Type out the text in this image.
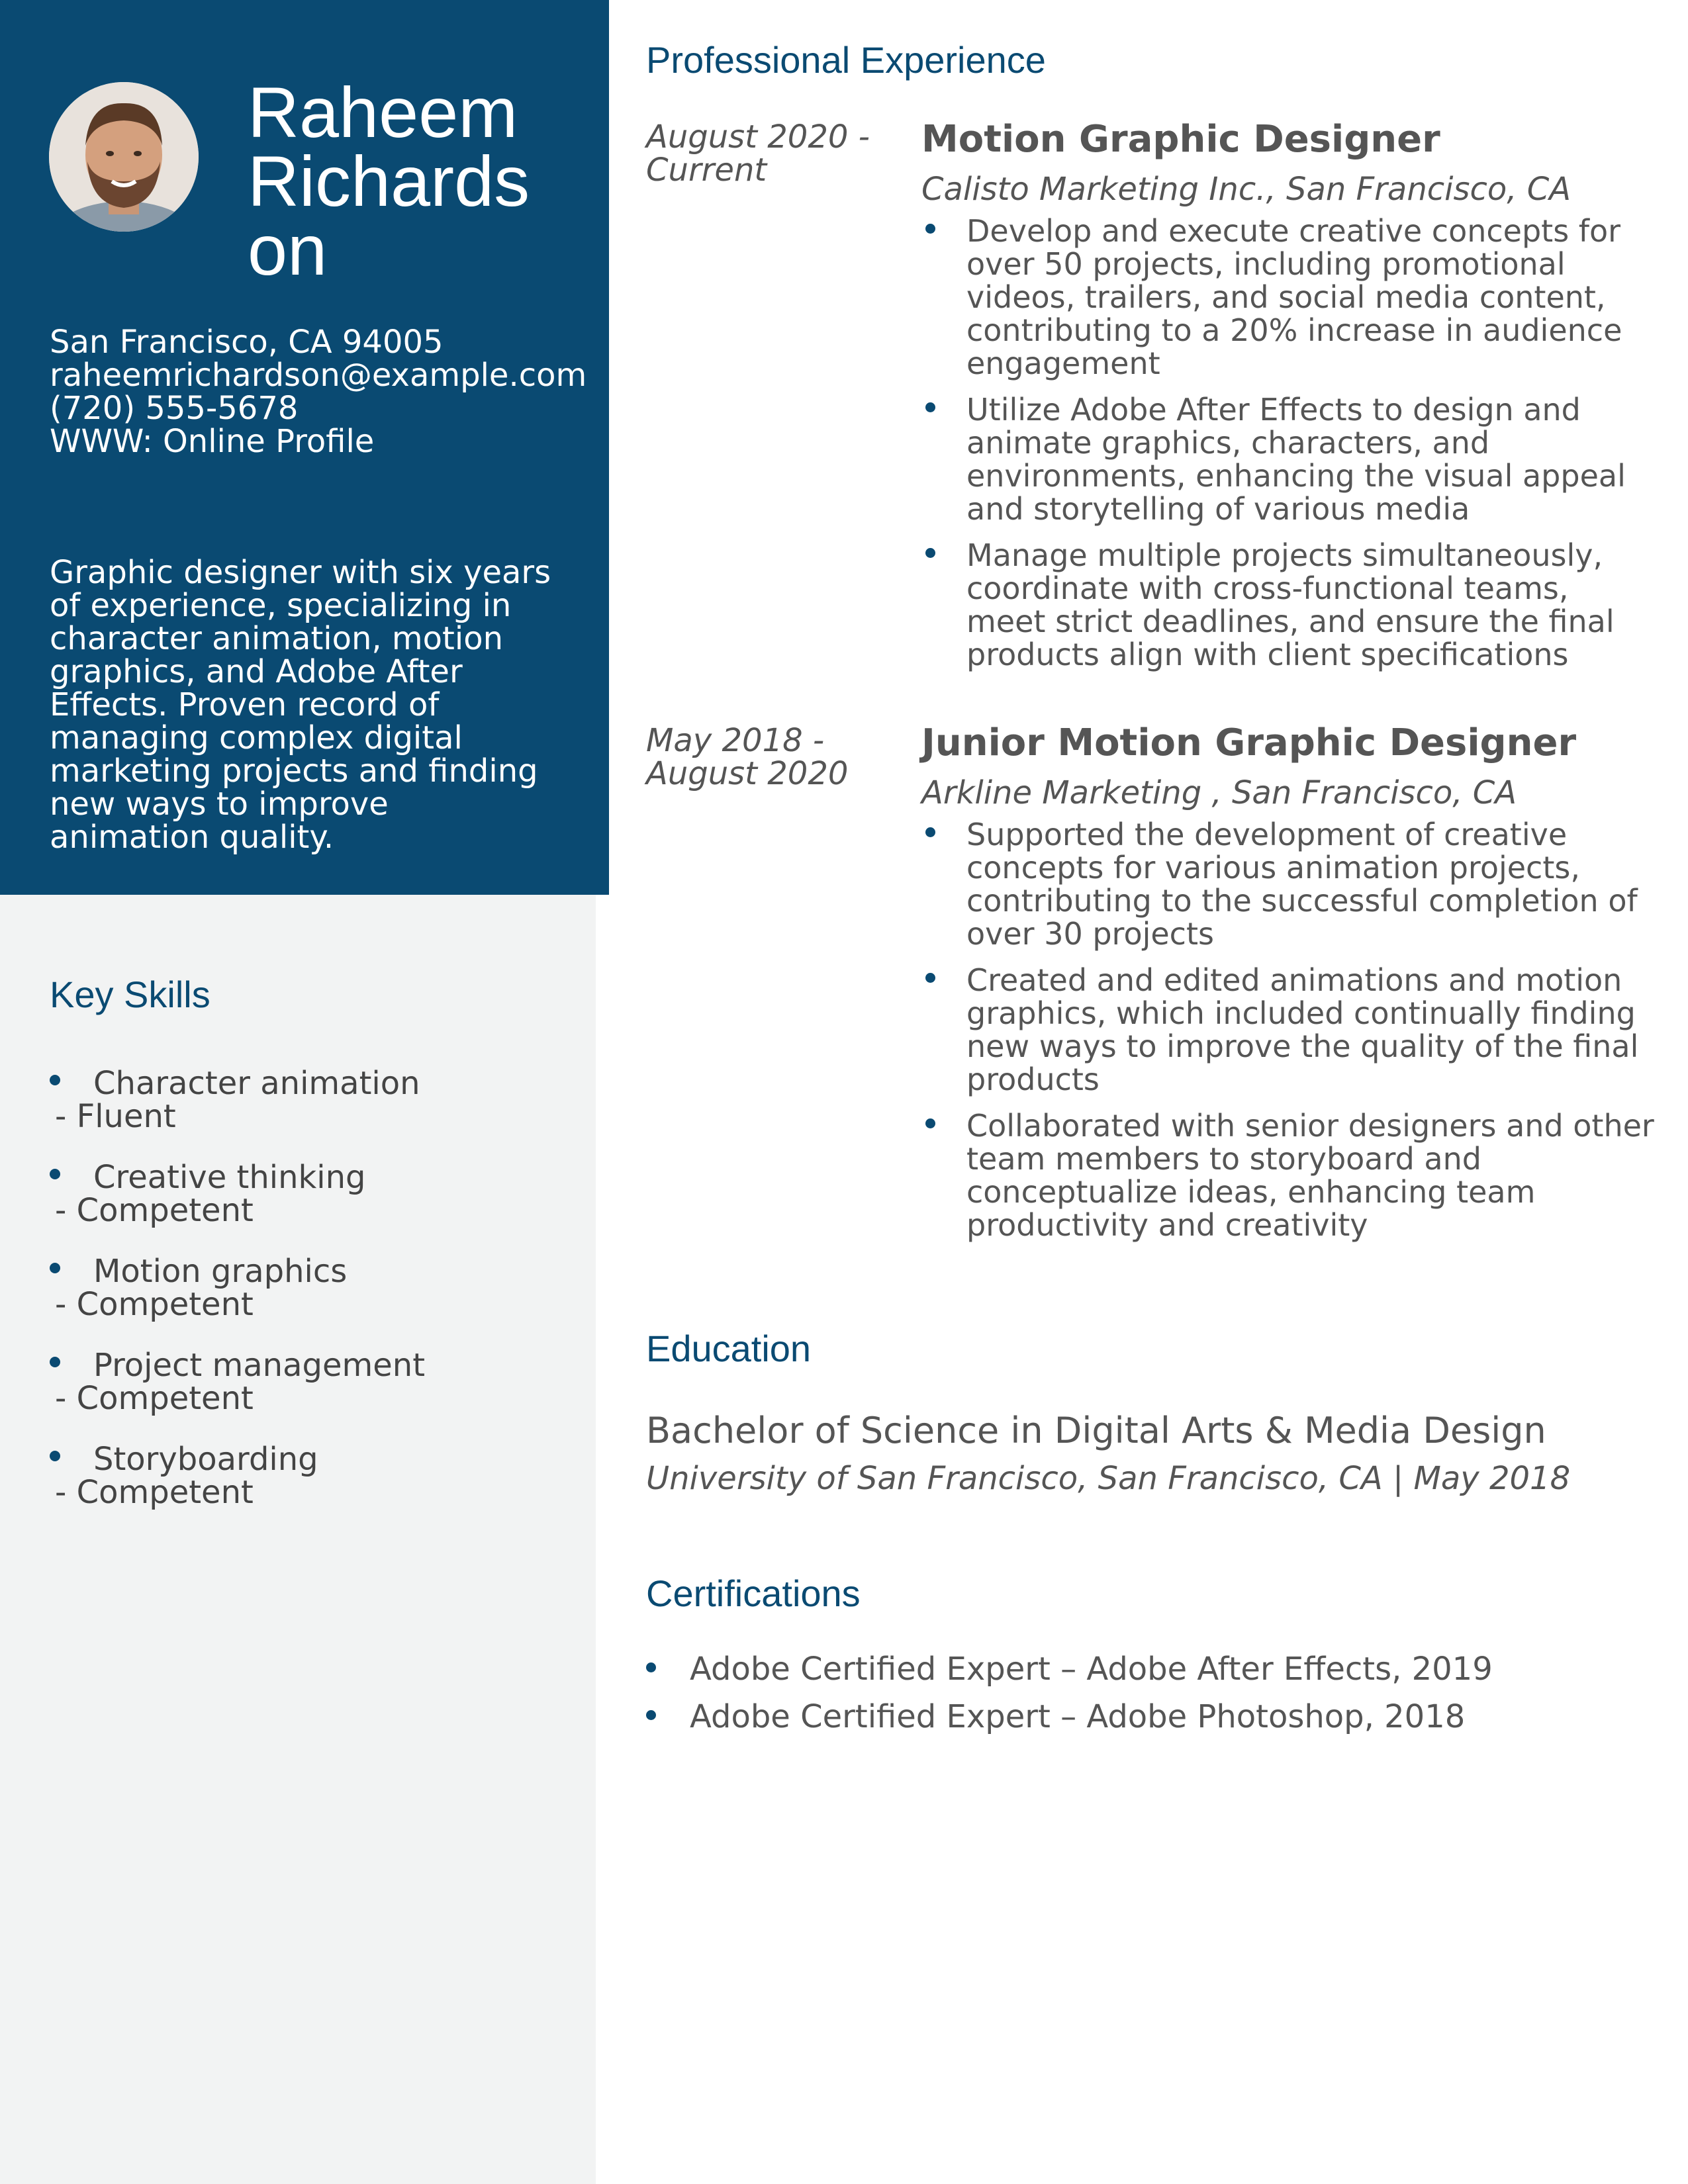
Raheem Richardson
San Francisco, CA 94005
raheemrichardson@example.com
(720) 555-5678
WWW: Online Profile
Graphic designer with six years of experience, specializing in character animation, motion graphics, and Adobe After Effects. Proven record of managing complex digital marketing projects and finding new ways to improve animation quality.
Key Skills
Character animation
- Fluent
Creative thinking
- Competent
Motion graphics
- Competent
Project management
- Competent
Storyboarding
- Competent
Professional Experience
August 2020 - Current
Motion Graphic Designer
Calisto Marketing Inc., San Francisco, CA
Develop and execute creative concepts for over 50 projects, including promotional videos, trailers, and social media content, contributing to a 20% increase in audience engagement
Utilize Adobe After Effects to design and animate graphics, characters, and environments, enhancing the visual appeal and storytelling of various media
Manage multiple projects simultaneously, coordinate with cross-functional teams, meet strict deadlines, and ensure the final products align with client specifications
May 2018 - August 2020
Junior Motion Graphic Designer
Arkline Marketing , San Francisco, CA
Supported the development of creative concepts for various animation projects, contributing to the successful completion of over 30 projects
Created and edited animations and motion graphics, which included continually finding new ways to improve the quality of the final products
Collaborated with senior designers and other team members to storyboard and conceptualize ideas, enhancing team productivity and creativity
Education
Bachelor of Science in Digital Arts & Media Design
University of San Francisco, San Francisco, CA | May 2018
Certifications
Adobe Certified Expert – Adobe After Effects, 2019
Adobe Certified Expert – Adobe Photoshop, 2018
